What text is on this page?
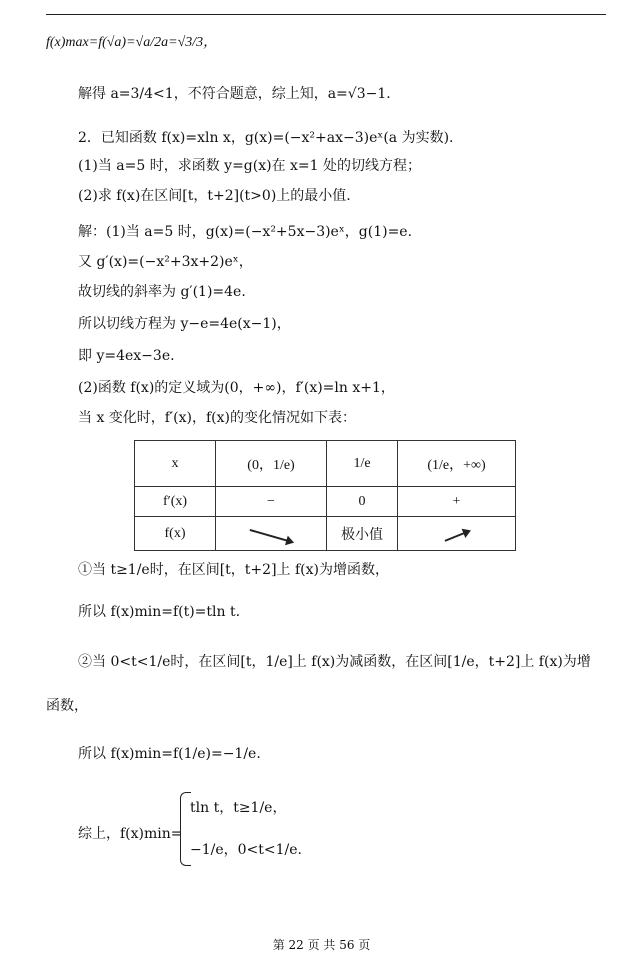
f(x)max=f(√a)=√a/2a=√3/3，
解得 a=3/4<1，不符合题意，综上知，a=√3−1.
2．已知函数 f(x)=xln x，g(x)=(−x²+ax−3)eˣ(a 为实数).
(1)当 a=5 时，求函数 y=g(x)在 x=1 处的切线方程；
(2)求 f(x)在区间[t，t+2](t>0)上的最小值.
解：(1)当 a=5 时，g(x)=(−x²+5x−3)eˣ，g(1)=e.
又 g′(x)=(−x²+3x+2)eˣ，
故切线的斜率为 g′(1)=4e.
所以切线方程为 y−e=4e(x−1)，
即 y=4ex−3e.
(2)函数 f(x)的定义域为(0，+∞)，f′(x)=ln x+1，
当 x 变化时，f′(x)，f(x)的变化情况如下表：
x	(0，1/e)	1/e	(1/e，+∞)
f′(x)	−	0	+
f(x)		极小值	
①当 t≥1/e时，在区间[t，t+2]上 f(x)为增函数，
所以 f(x)min=f(t)=tln t.
②当 0<t<1/e时，在区间[t，1/e]上 f(x)为减函数，在区间[1/e，t+2]上 f(x)为增
函数，
所以 f(x)min=f(1/e)=−1/e.
综上，f(x)min=
tln t，t≥1/e，
−1/e，0<t<1/e.
第 22 页 共 56 页
